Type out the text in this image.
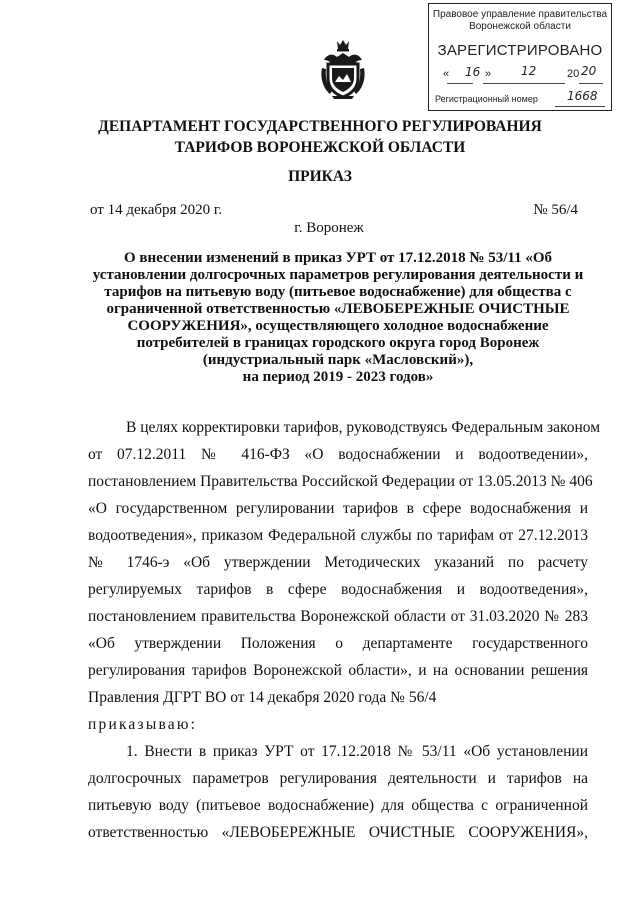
Правовое управление правительства
Воронежской области
ЗАРЕГИСТРИРОВАНО
« 16 » 12	20 20
Регистрационный номер 1668
ДЕПАРТАМЕНТ ГОСУДАРСТВЕННОГО РЕГУЛИРОВАНИЯ
ТАРИФОВ ВОРОНЕЖСКОЙ ОБЛАСТИ
ПРИКАЗ
от 14 декабря 2020 г.	№ 56/4
г. Воронеж
О внесении изменений в приказ УРТ от 17.12.2018 № 53/11 «Об
установлении долгосрочных параметров регулирования деятельности и
тарифов на питьевую воду (питьевое водоснабжение) для общества с
ограниченной ответственностью «ЛЕВОБЕРЕЖНЫЕ ОЧИСТНЫЕ
СООРУЖЕНИЯ», осуществляющего холодное водоснабжение
потребителей в границах городского округа город Воронеж
(индустриальный парк «Масловский»),
на период 2019 - 2023 годов»
В целях корректировки тарифов, руководствуясь Федеральным законом
от 07.12.2011 № 416-ФЗ «О водоснабжении и водоотведении»,
постановлением Правительства Российской Федерации от 13.05.2013 № 406
«О государственном регулировании тарифов в сфере водоснабжения и
водоотведения», приказом Федеральной службы по тарифам от 27.12.2013
№ 1746-э «Об утверждении Методических указаний по расчету
регулируемых тарифов в сфере водоснабжения и водоотведения»,
постановлением правительства Воронежской области от 31.03.2020 № 283
«Об утверждении Положения о департаменте государственного
регулирования тарифов Воронежской области», и на основании решения
Правления ДГРТ ВО от 14 декабря 2020 года № 56/4
приказываю:
1. Внести в приказ УРТ от 17.12.2018 № 53/11 «Об установлении
долгосрочных параметров регулирования деятельности и тарифов на
питьевую воду (питьевое водоснабжение) для общества с ограниченной
ответственностью «ЛЕВОБЕРЕЖНЫЕ ОЧИСТНЫЕ СООРУЖЕНИЯ»,
